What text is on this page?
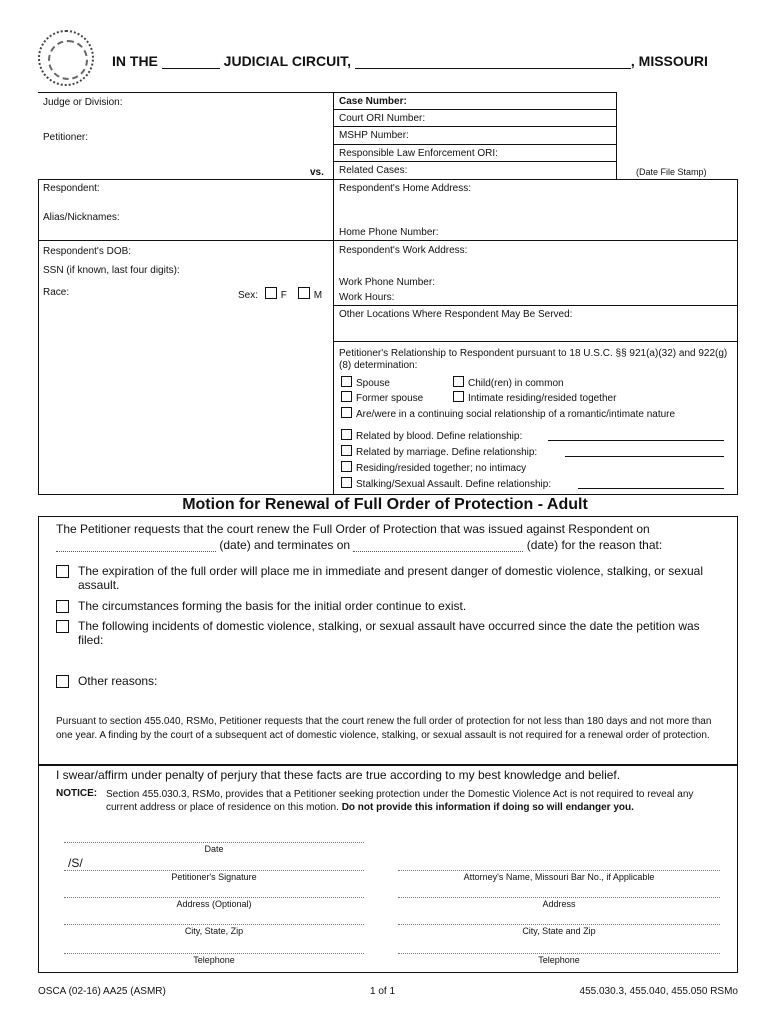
IN THE	JUDICIAL CIRCUIT,	, MISSOURI
Judge or Division:
Petitioner:
vs.
Respondent:
Alias/Nicknames:
Respondent's DOB:
SSN (if known, last four digits):
Race:	Sex: F	M
Case Number:
Court ORI Number:
MSHP Number:
Responsible Law Enforcement ORI:
Related Cases:	(Date File Stamp)
Respondent's Home Address:
Home Phone Number:
Respondent's Work Address:
Work Phone Number:
Work Hours:
Other Locations Where Respondent May Be Served:
Petitioner's Relationship to Respondent pursuant to 18 U.S.C. §§ 921(a)(32) and 922(g)(8) determination:
Spouse	Child(ren) in common
Former spouse	Intimate residing/resided together
Are/were in a continuing social relationship of a romantic/intimate nature
Related by blood. Define relationship:
Related by marriage. Define relationship:
Residing/resided together; no intimacy
Stalking/Sexual Assault. Define relationship:
Motion for Renewal of Full Order of Protection - Adult
The Petitioner requests that the court renew the Full Order of Protection that was issued against Respondent on
(date) and terminates on	(date) for the reason that:
The expiration of the full order will place me in immediate and present danger of domestic violence, stalking, or sexual assault.
The circumstances forming the basis for the initial order continue to exist.
The following incidents of domestic violence, stalking, or sexual assault have occurred since the date the petition was filed:
Other reasons:
Pursuant to section 455.040, RSMo, Petitioner requests that the court renew the full order of protection for not less than 180 days and not more than one year. A finding by the court of a subsequent act of domestic violence, stalking, or sexual assault is not required for a renewal order of protection.
I swear/affirm under penalty of perjury that these facts are true according to my best knowledge and belief.
NOTICE: Section 455.030.3, RSMo, provides that a Petitioner seeking protection under the Domestic Violence Act is not required to reveal any current address or place of residence on this motion. Do not provide this information if doing so will endanger you.
Date
/S/
Petitioner's Signature	Attorney's Name, Missouri Bar No., if Applicable
Address (Optional)	Address
City, State, Zip	City, State and Zip
Telephone	Telephone
OSCA (02-16) AA25 (ASMR)	1 of 1	455.030.3, 455.040, 455.050 RSMo
